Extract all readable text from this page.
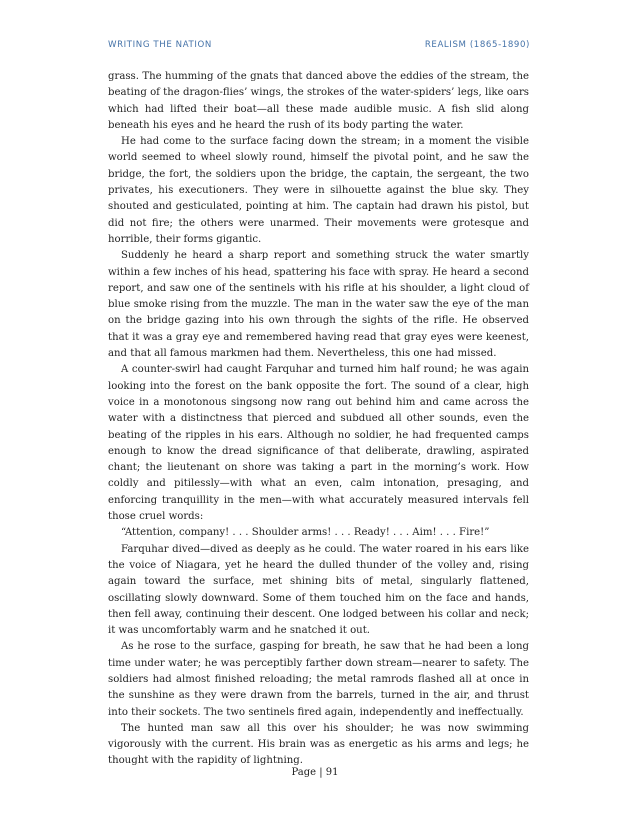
WRITING THE NATION	REALISM (1865-1890)

grass. The humming of the gnats that danced above the eddies of the stream, the beating of the dragon-flies’ wings, the strokes of the water-spiders’ legs, like oars which had lifted their boat—all these made audible music. A fish slid along beneath his eyes and he heard the rush of its body parting the water.

He had come to the surface facing down the stream; in a moment the visible world seemed to wheel slowly round, himself the pivotal point, and he saw the bridge, the fort, the soldiers upon the bridge, the captain, the sergeant, the two privates, his executioners. They were in silhouette against the blue sky. They shouted and gesticulated, pointing at him. The captain had drawn his pistol, but did not fire; the others were unarmed. Their movements were grotesque and horrible, their forms gigantic.

Suddenly he heard a sharp report and something struck the water smartly within a few inches of his head, spattering his face with spray. He heard a second report, and saw one of the sentinels with his rifle at his shoulder, a light cloud of blue smoke rising from the muzzle. The man in the water saw the eye of the man on the bridge gazing into his own through the sights of the rifle. He observed that it was a gray eye and remembered having read that gray eyes were keenest, and that all famous markmen had them. Nevertheless, this one had missed.

A counter-swirl had caught Farquhar and turned him half round; he was again looking into the forest on the bank opposite the fort. The sound of a clear, high voice in a monotonous singsong now rang out behind him and came across the water with a distinctness that pierced and subdued all other sounds, even the beating of the ripples in his ears. Although no soldier, he had frequented camps enough to know the dread significance of that deliberate, drawling, aspirated chant; the lieutenant on shore was taking a part in the morning’s work. How coldly and pitilessly—with what an even, calm intonation, presaging, and enforcing tranquillity in the men—with what accurately measured intervals fell those cruel words:

“Attention, company! . . . Shoulder arms! . . . Ready! . . . Aim! . . . Fire!”

Farquhar dived—dived as deeply as he could. The water roared in his ears like the voice of Niagara, yet he heard the dulled thunder of the volley and, rising again toward the surface, met shining bits of metal, singularly flattened, oscillating slowly downward. Some of them touched him on the face and hands, then fell away, continuing their descent. One lodged between his collar and neck; it was uncomfortably warm and he snatched it out.

As he rose to the surface, gasping for breath, he saw that he had been a long time under water; he was perceptibly farther down stream—nearer to safety. The soldiers had almost finished reloading; the metal ramrods flashed all at once in the sunshine as they were drawn from the barrels, turned in the air, and thrust into their sockets. The two sentinels fired again, independently and ineffectually.

The hunted man saw all this over his shoulder; he was now swimming vigorously with the current. His brain was as energetic as his arms and legs; he thought with the rapidity of lightning.

Page | 91
